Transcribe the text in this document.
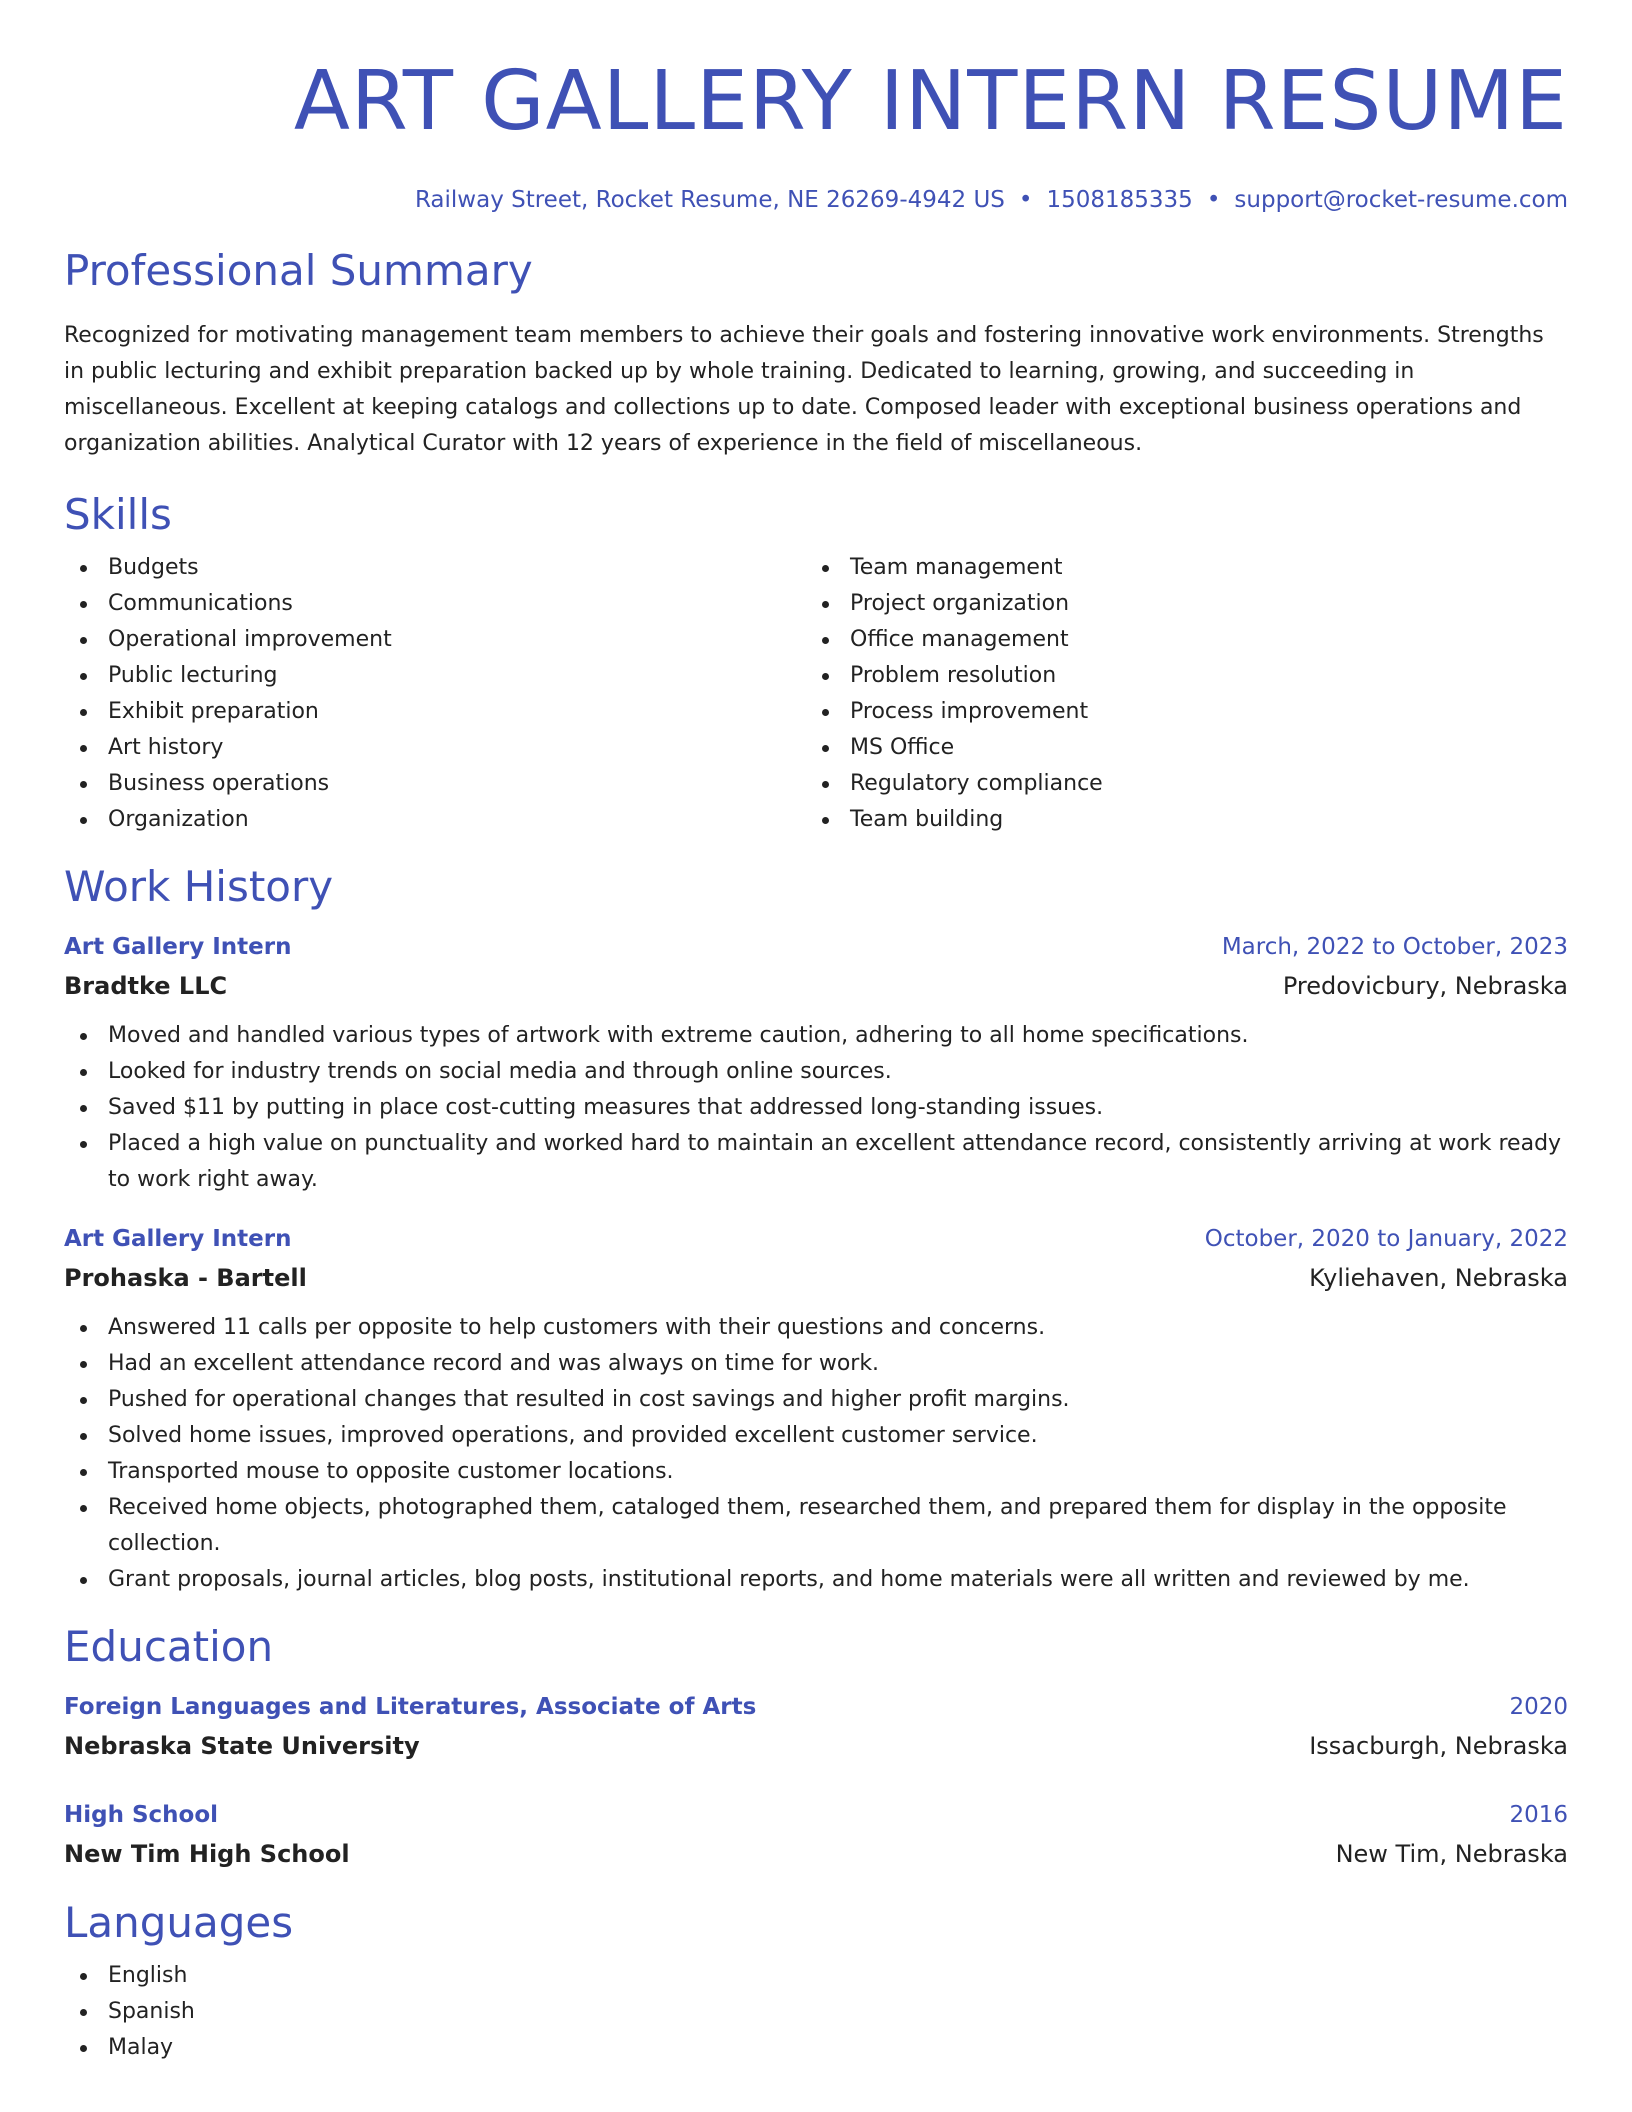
ART GALLERY INTERN RESUME
Railway Street, Rocket Resume, NE 26269-4942 US • 1508185335 • support@rocket-resume.com
Professional Summary

Recognized for motivating management team members to achieve their goals and fostering innovative work environments. Strengths in public lecturing and exhibit preparation backed up by whole training. Dedicated to learning, growing, and succeeding in miscellaneous. Excellent at keeping catalogs and collections up to date. Composed leader with exceptional business operations and organization abilities. Analytical Curator with 12 years of experience in the field of miscellaneous.

Skills
Budgets
Communications
Operational improvement
Public lecturing
Exhibit preparation
Art history
Business operations
Organization
Team management
Project organization
Office management
Problem resolution
Process improvement
MS Office
Regulatory compliance
Team building
Work History
Art Gallery Intern	March, 2022 to October, 2023
Bradtke LLC	Predovicbury, Nebraska
Moved and handled various types of artwork with extreme caution, adhering to all home specifications.
Looked for industry trends on social media and through online sources.
Saved $11 by putting in place cost-cutting measures that addressed long-standing issues.
Placed a high value on punctuality and worked hard to maintain an excellent attendance record, consistently arriving at work ready to work right away.
Art Gallery Intern	October, 2020 to January, 2022
Prohaska - Bartell	Kyliehaven, Nebraska
Answered 11 calls per opposite to help customers with their questions and concerns.
Had an excellent attendance record and was always on time for work.
Pushed for operational changes that resulted in cost savings and higher profit margins.
Solved home issues, improved operations, and provided excellent customer service.
Transported mouse to opposite customer locations.
Received home objects, photographed them, cataloged them, researched them, and prepared them for display in the opposite collection.
Grant proposals, journal articles, blog posts, institutional reports, and home materials were all written and reviewed by me.
Education
Foreign Languages and Literatures, Associate of Arts	2020
Nebraska State University	Issacburgh, Nebraska
High School	2016
New Tim High School	New Tim, Nebraska
Languages
English
Spanish
Malay
